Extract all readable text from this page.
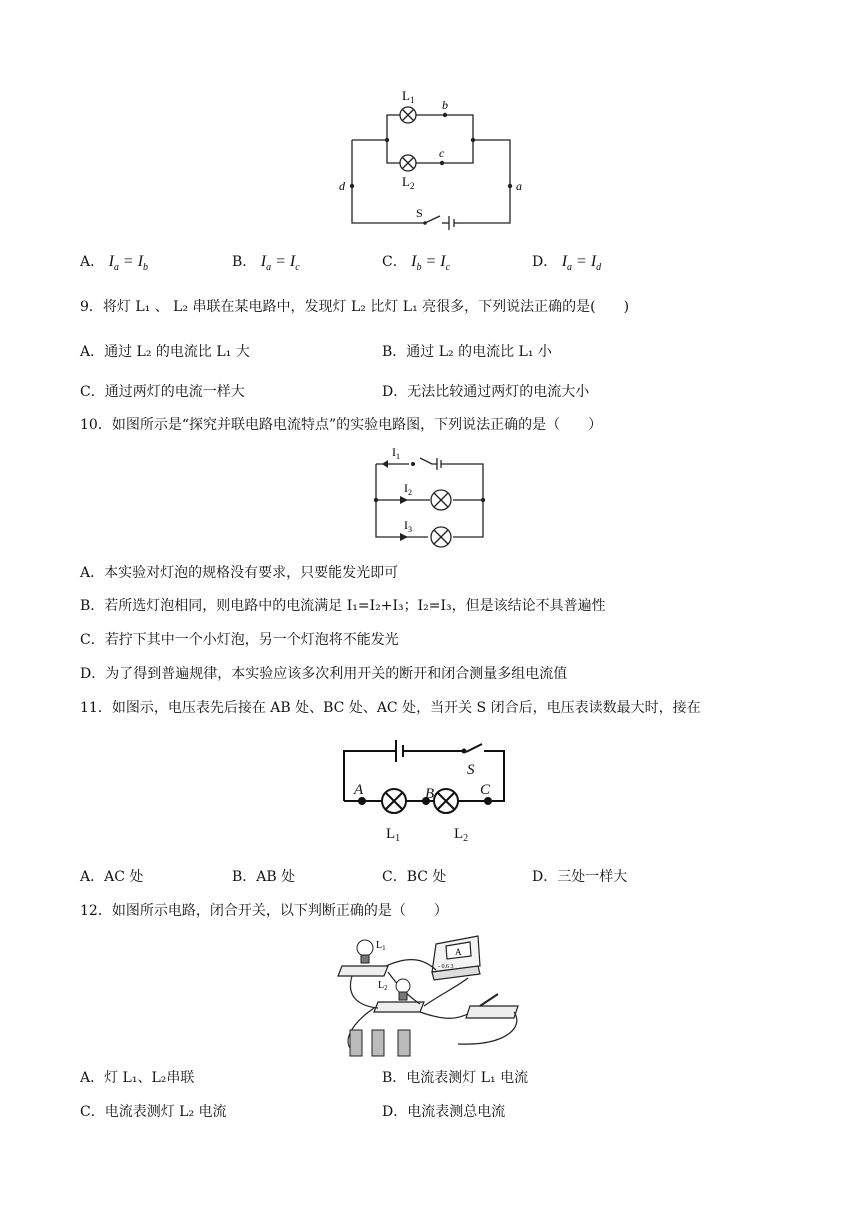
$L_1$
$L_2$
b
c
d	a
S
A． $I_a = I_b$	B． $I_a = I_c$	C． $I_b = I_c$	D． $I_a = I_d$
9．将灯 L₁ 、 L₂ 串联在某电路中，发现灯 L₂ 比灯 L₁ 亮很多，下列说法正确的是(　　)
A．通过 L₂ 的电流比 L₁ 大	B．通过 L₂ 的电流比 L₁ 小
C．通过两灯的电流一样大	D．无法比较通过两灯的电流大小
10．如图所示是“探究并联电路电流特点”的实验电路图，下列说法正确的是（　　）
$I_1$
$I_2$
$I_3$
A．本实验对灯泡的规格没有要求，只要能发光即可
B．若所选灯泡相同，则电路中的电流满足 I₁=I₂+I₃；I₂=I₃，但是该结论不具普遍性
C．若拧下其中一个小灯泡，另一个灯泡将不能发光
D．为了得到普遍规律，本实验应该多次利用开关的断开和闭合测量多组电流值
11．如图示，电压表先后接在 AB 处、BC 处、AC 处，当开关 S 闭合后，电压表读数最大时，接在
A	B	C
S
$L_1$	$L_2$
A．AC 处	B．AB 处	C．BC 处	D．三处一样大
12．如图所示电路，闭合开关，以下判断正确的是（　　）
$L_1$
$L_2$
A
- 0.6 3
A．灯 L₁、L₂串联	B．电流表测灯 L₁ 电流
C．电流表测灯 L₂ 电流	D．电流表测总电流
